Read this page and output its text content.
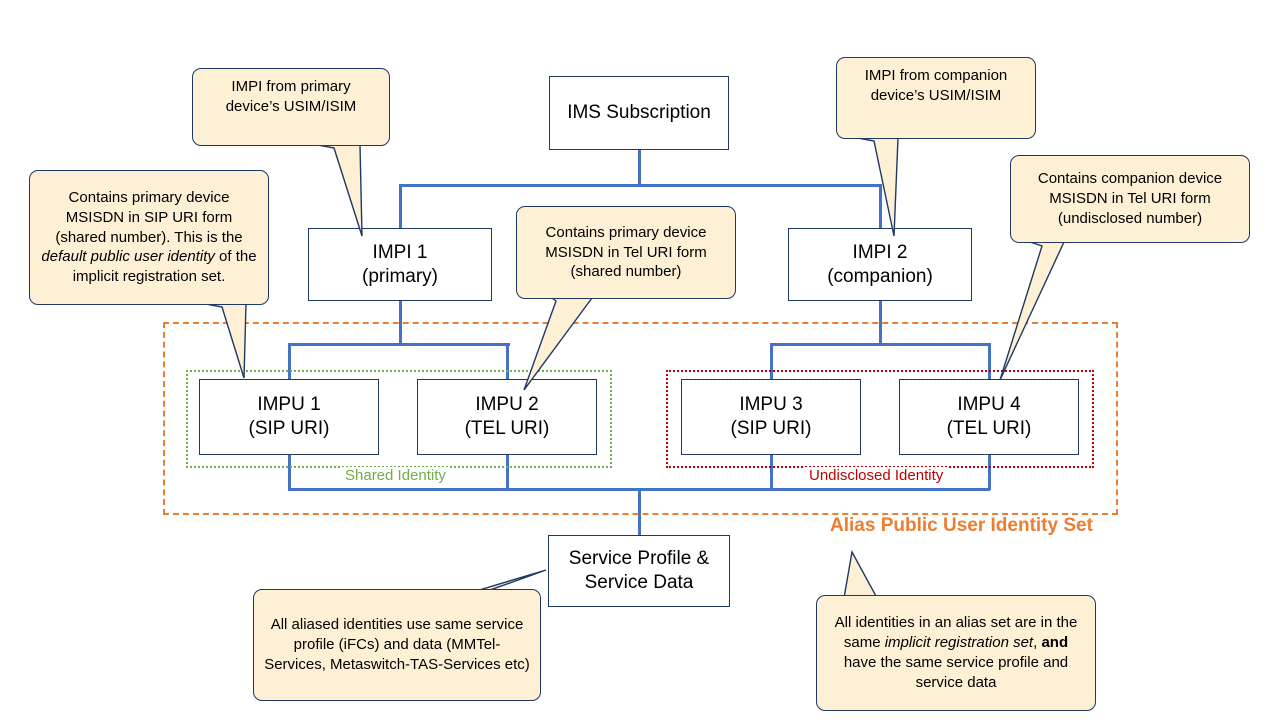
Shared Identity	Undisclosed Identity
Alias Public User Identity Set
IMS Subscription
IMPI 1
(primary)
IMPI 2
(companion)
IMPU 1
(SIP URI)
IMPU 2
(TEL URI)
IMPU 3
(SIP URI)
IMPU 4
(TEL URI)
Service Profile &
Service Data
IMPI from primary device’s USIM/ISIM
IMPI from companion device’s USIM/ISIM
Contains primary device MSISDN in SIP URI form (shared number). This is the default public user identity of the implicit registration set.
Contains primary device MSISDN in Tel URI form (shared number)
Contains companion device MSISDN in Tel URI form (undisclosed number)
All aliased identities use same service profile (iFCs) and data (MMTel-Services, Metaswitch-TAS-Services etc)
All identities in an alias set are in the same implicit registration set, and have the same service profile and service data
